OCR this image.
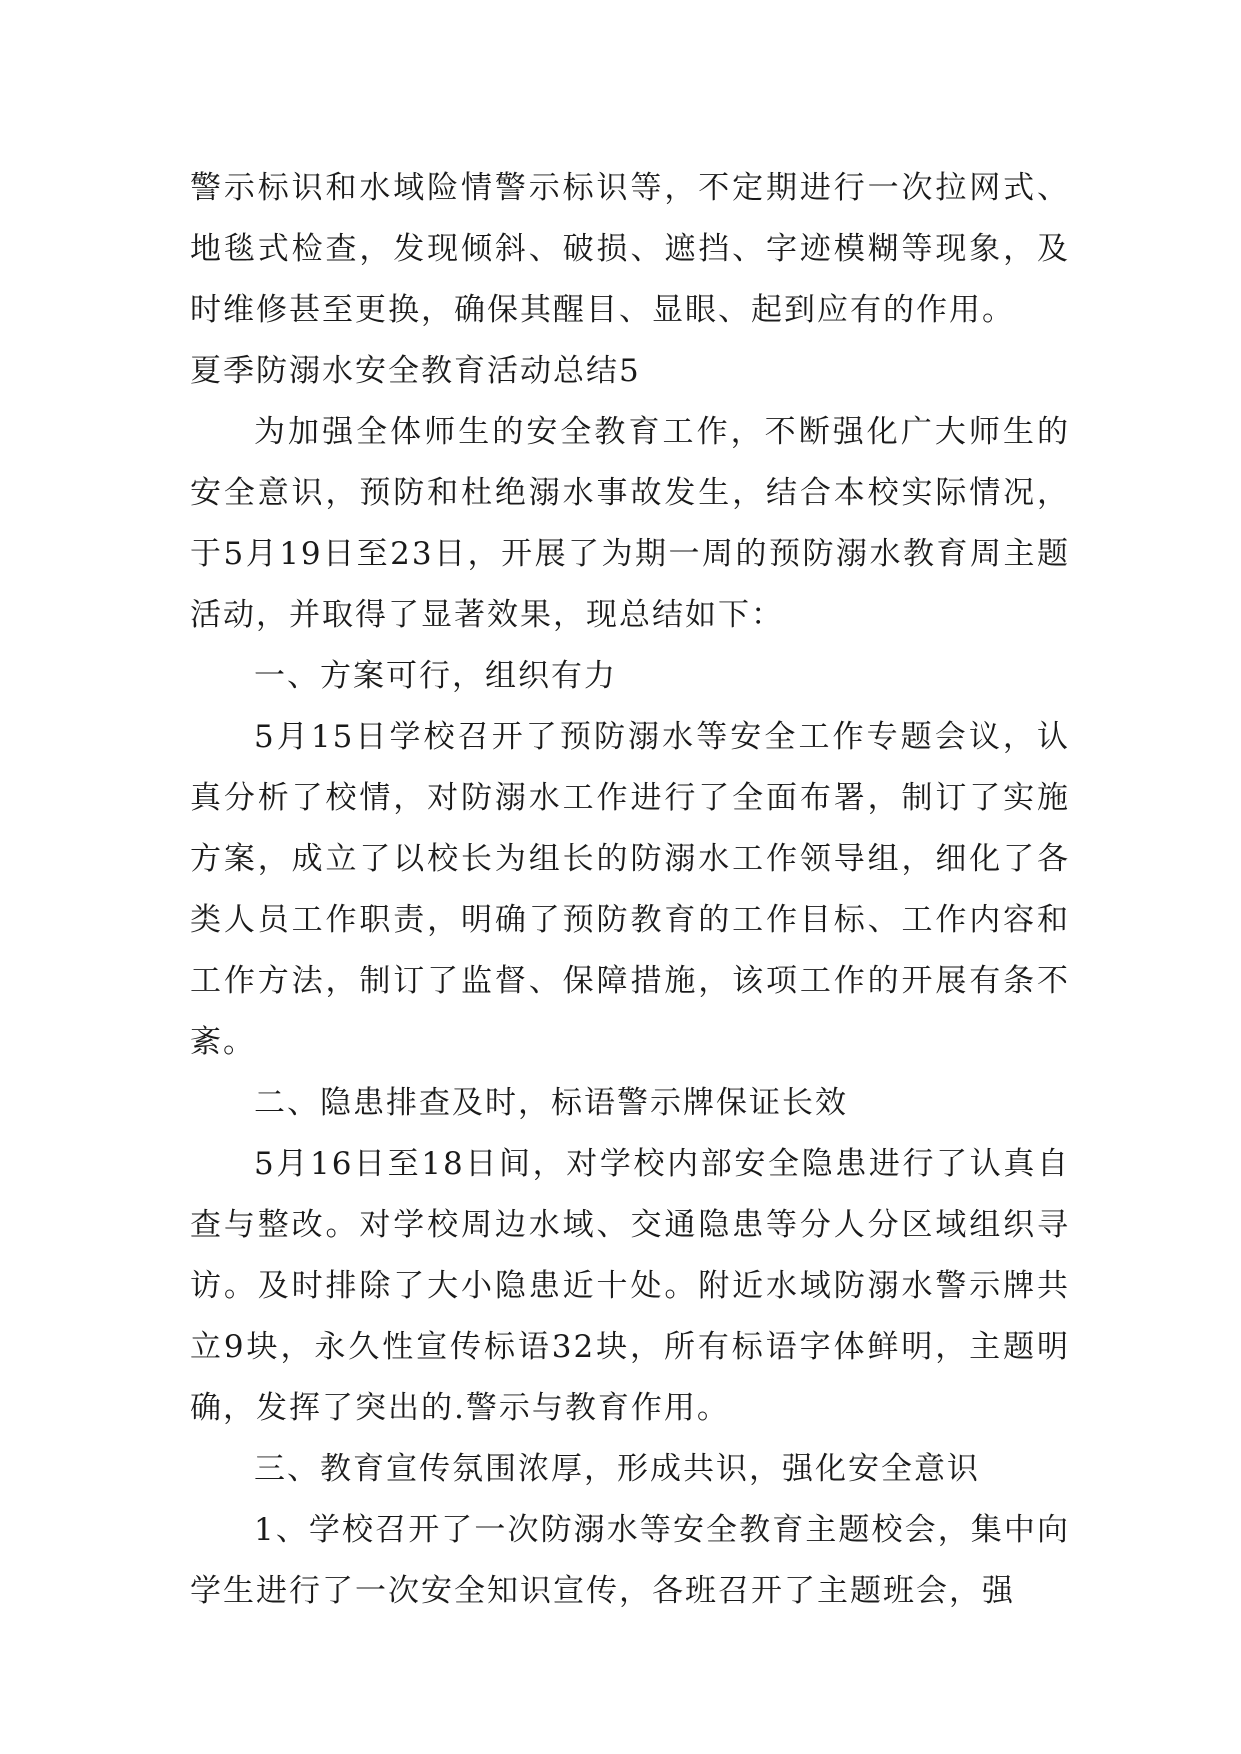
警示标识和水域险情警示标识等，不定期进行一次拉网式、地毯式检查，发现倾斜、破损、遮挡、字迹模糊等现象，及时维修甚至更换，确保其醒目、显眼、起到应有的作用。

夏季防溺水安全教育活动总结5

为加强全体师生的安全教育工作，不断强化广大师生的安全意识，预防和杜绝溺水事故发生，结合本校实际情况，于5月19日至23日，开展了为期一周的预防溺水教育周主题活动，并取得了显著效果，现总结如下：

一、方案可行，组织有力

5月15日学校召开了预防溺水等安全工作专题会议，认真分析了校情，对防溺水工作进行了全面布署，制订了实施方案，成立了以校长为组长的防溺水工作领导组，细化了各类人员工作职责，明确了预防教育的工作目标、工作内容和工作方法，制订了监督、保障措施，该项工作的开展有条不紊。

二、隐患排查及时，标语警示牌保证长效

5月16日至18日间，对学校内部安全隐患进行了认真自查与整改。对学校周边水域、交通隐患等分人分区域组织寻访。及时排除了大小隐患近十处。附近水域防溺水警示牌共立9块，永久性宣传标语32块，所有标语字体鲜明，主题明确，发挥了突出的.警示与教育作用。

三、教育宣传氛围浓厚，形成共识，强化安全意识

1、学校召开了一次防溺水等安全教育主题校会，集中向学生进行了一次安全知识宣传，各班召开了主题班会，强
